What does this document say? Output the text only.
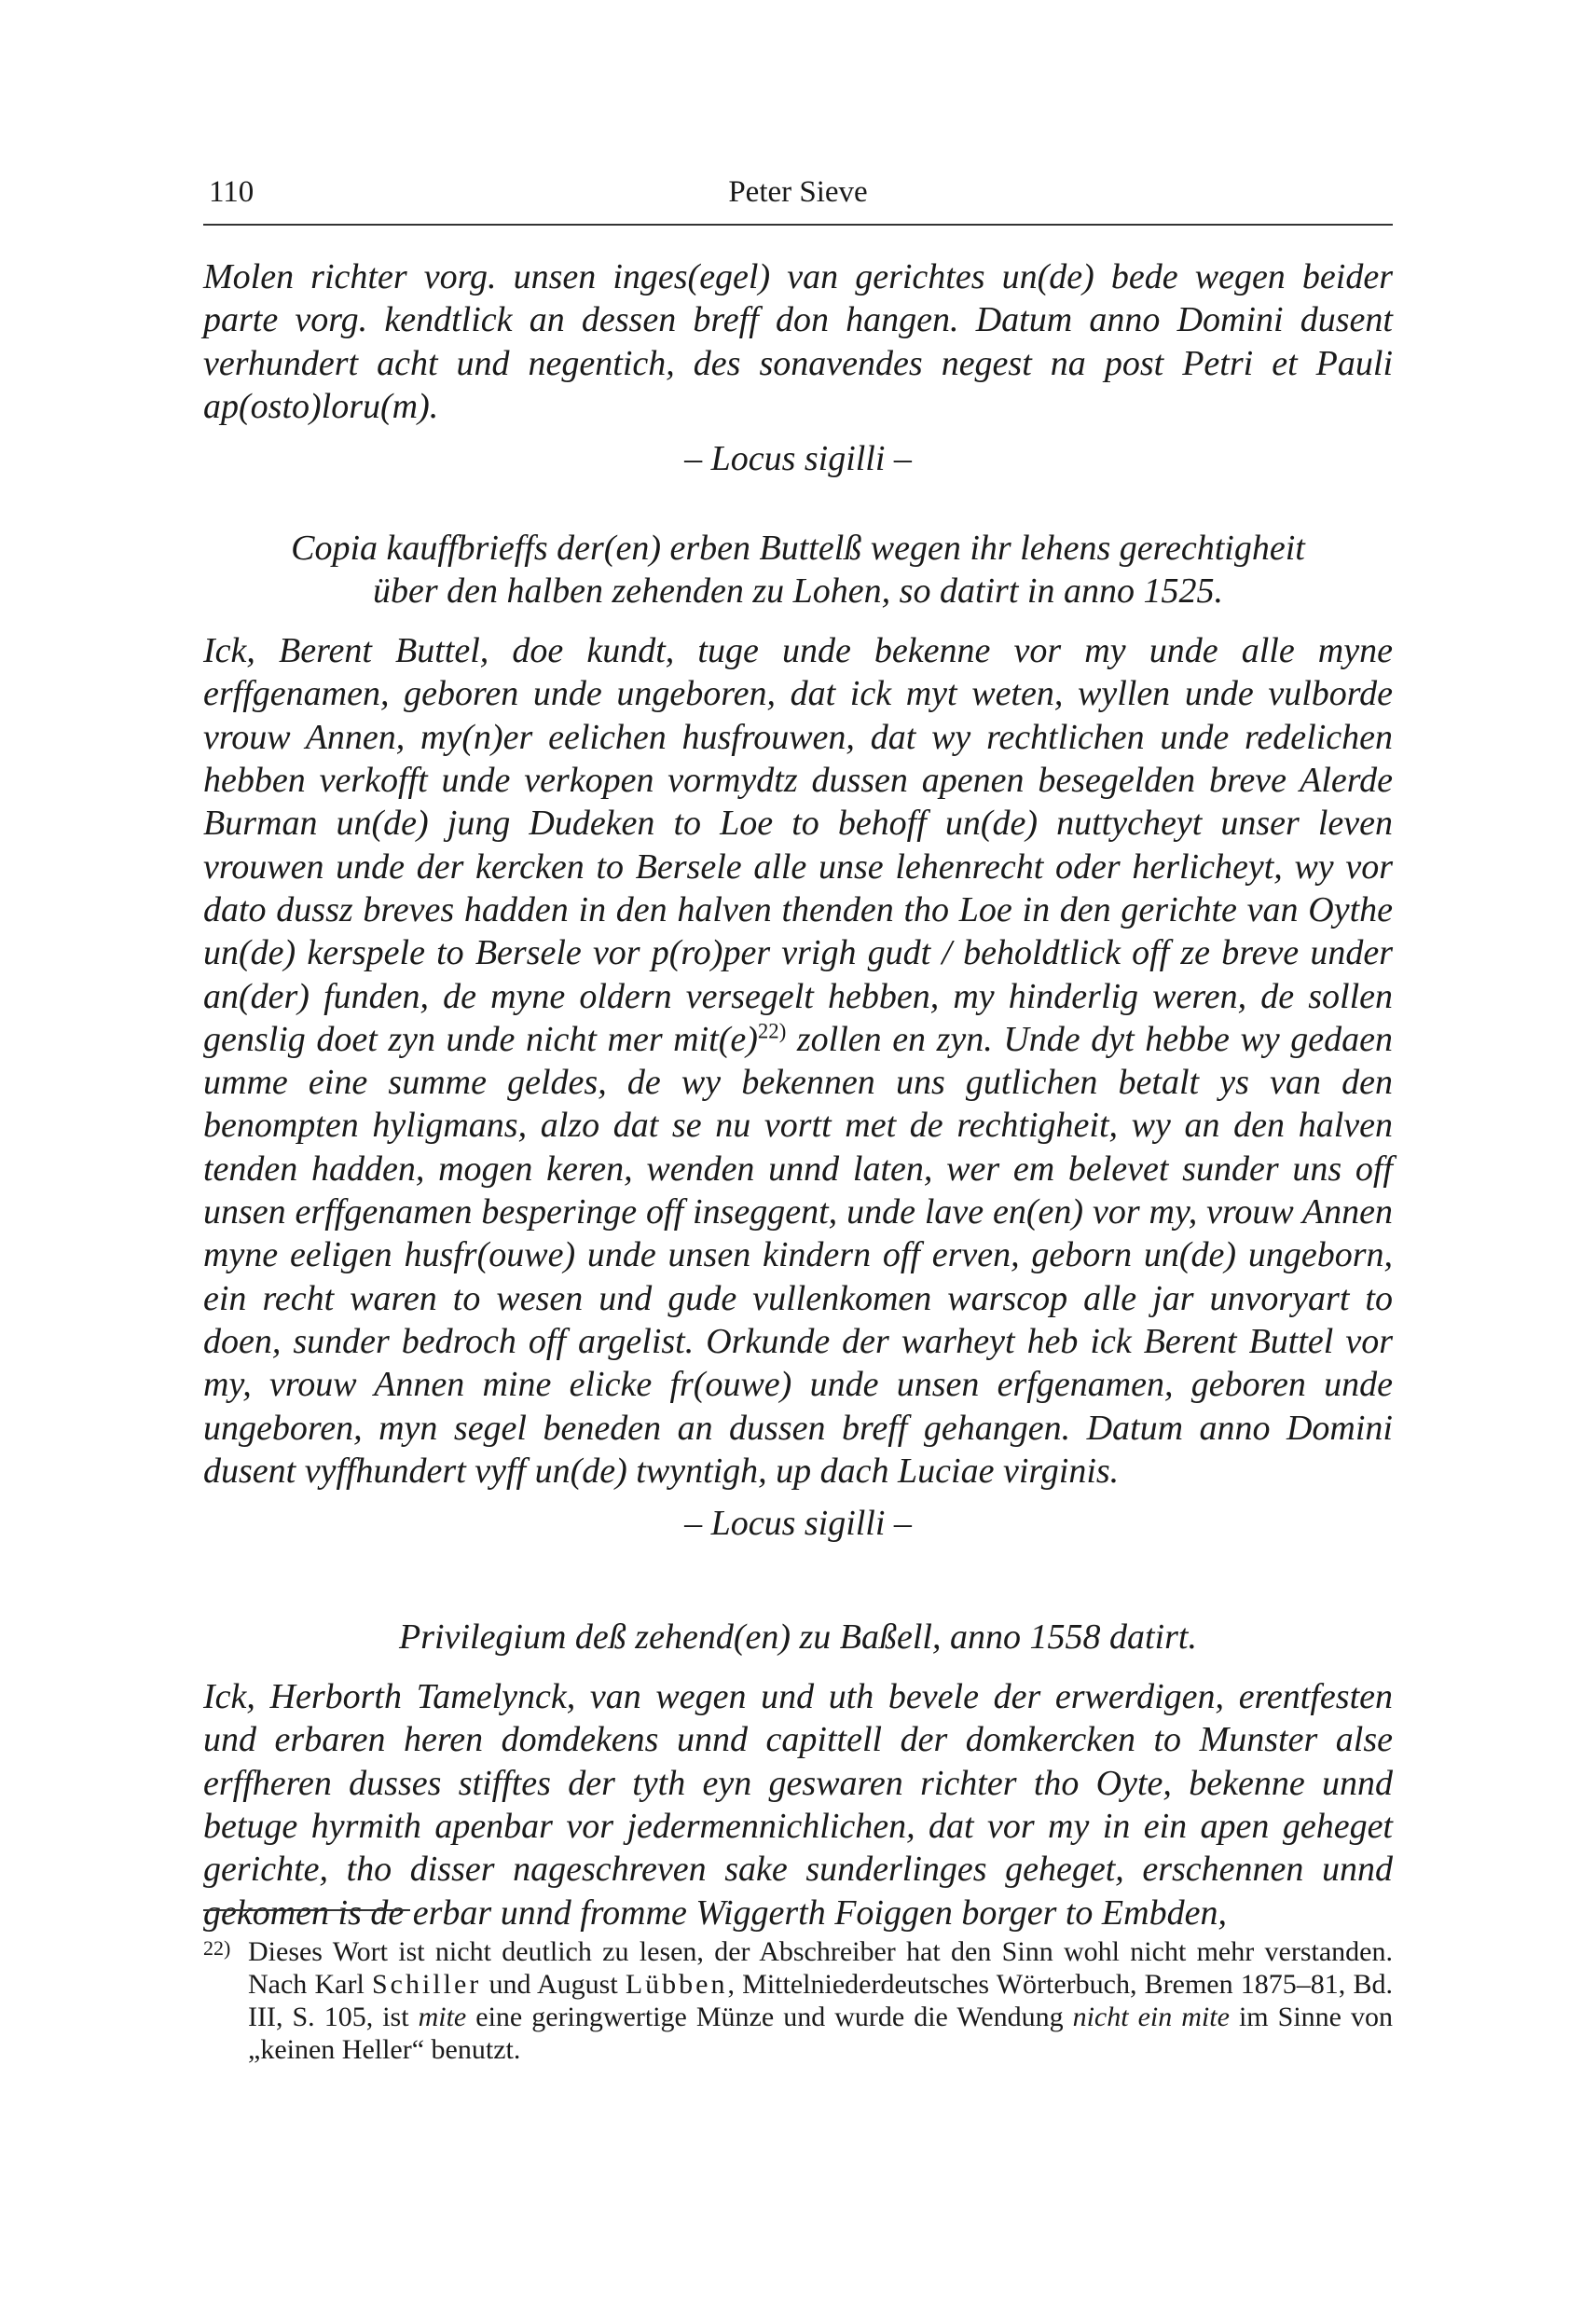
110	Peter Sieve

Molen richter vorg. unsen inges(egel) van gerichtes un(de) bede wegen beider parte vorg. kendtlick an dessen breff don hangen. Datum anno Domini dusent verhundert acht und negentich, des sonavendes negest na post Petri et Pauli ap(osto)loru(m).

– Locus sigilli –

Copia kauffbrieffs der(en) erben Buttelß wegen ihr lehens gerechtigheit
über den halben zehenden zu Lohen, so datirt in anno 1525.

Ick, Berent Buttel, doe kundt, tuge unde bekenne vor my unde alle myne erffgenamen, geboren unde ungeboren, dat ick myt weten, wyllen unde vulborde vrouw Annen, my(n)er eelichen husfrouwen, dat wy rechtlichen unde redelichen hebben verkofft unde verkopen vormydtz dussen apenen besegelden breve Alerde Burman un(de) jung Dudeken to Loe to behoff un(de) nuttycheyt unser leven vrouwen unde der kercken to Bersele alle unse lehenrecht oder herlicheyt, wy vor dato dussz breves hadden in den halven thenden tho Loe in den gerichte van Oythe un(de) kerspele to Bersele vor p(ro)per vrigh gudt / beholdtlick off ze breve under an(der) funden, de myne oldern versegelt hebben, my hinderlig weren, de sollen genslig doet zyn unde nicht mer $mit(e)^{22)}$ zollen en zyn. Unde dyt hebbe wy gedaen umme eine summe geldes, de wy bekennen uns gutlichen betalt ys van den benompten hyligmans, alzo dat se nu vortt met de rechtigheit, wy an den halven tenden hadden, mogen keren, wenden unnd laten, wer em belevet sunder uns off unsen erffgenamen besperinge off inseggent, unde lave en(en) vor my, vrouw Annen myne eeligen husfr(ouwe) unde unsen kindern off erven, geborn un(de) ungeborn, ein recht waren to wesen und gude vullenkomen warscop alle jar unvoryart to doen, sunder bedroch off argelist. Orkunde der warheyt heb ick Berent Buttel vor my, vrouw Annen mine elicke fr(ouwe) unde unsen erfgenamen, geboren unde ungeboren, myn segel beneden an dussen breff gehangen. Datum anno Domini dusent vyffhundert vyff un(de) twyntigh, up dach Luciae virginis.

– Locus sigilli –

Privilegium deß zehend(en) zu Baßell, anno 1558 datirt.

Ick, Herborth Tamelynck, van wegen und uth bevele der erwerdigen, erentfesten und erbaren heren domdekens unnd capittell der domkercken to Munster alse erffheren dusses stifftes der tyth eyn geswaren richter tho Oyte, bekenne unnd betuge hyrmith apenbar vor jedermennichlichen, dat vor my in ein apen geheget gerichte, tho disser nageschreven sake sunderlinges geheget, erschennen unnd gekomen is de erbar unnd fromme Wiggerth Foiggen borger to Embden,

22) Dieses Wort ist nicht deutlich zu lesen, der Abschreiber hat den Sinn wohl nicht mehr verstanden. Nach Karl Schiller und August Lübben, Mittelniederdeutsches Wörterbuch, Bremen 1875–81, Bd. III, S. 105, ist mite eine geringwertige Münze und wurde die Wendung nicht ein mite im Sinne von „keinen Heller“ benutzt.
